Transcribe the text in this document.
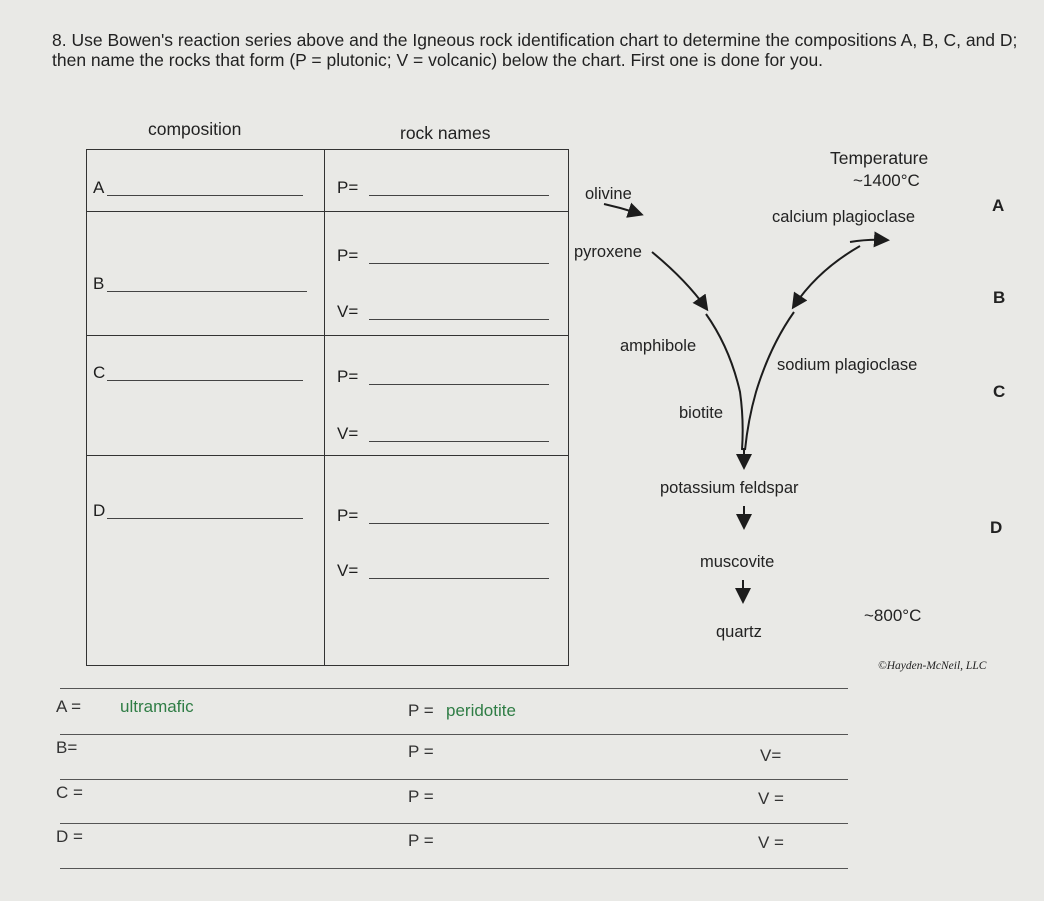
8. Use Bowen's reaction series above and the Igneous rock identification chart to determine the compositions A, B, C, and D; then name the rocks that form (P = plutonic; V = volcanic) below the chart. First one is done for you.
composition	rock names
A	P=

B	P=
V=

C	P=
V=

D	P=
V=
Temperature
~1400°C
olivine
calcium plagioclase
pyroxene
amphibole
sodium plagioclase
biotite
potassium feldspar
muscovite
quartz
~800°C
A
B
C
D
©Hayden-McNeil, LLC
A = ultramafic	P = peridotite
B=	P =	V=
C =	P =	V =
D =	P =	V =
